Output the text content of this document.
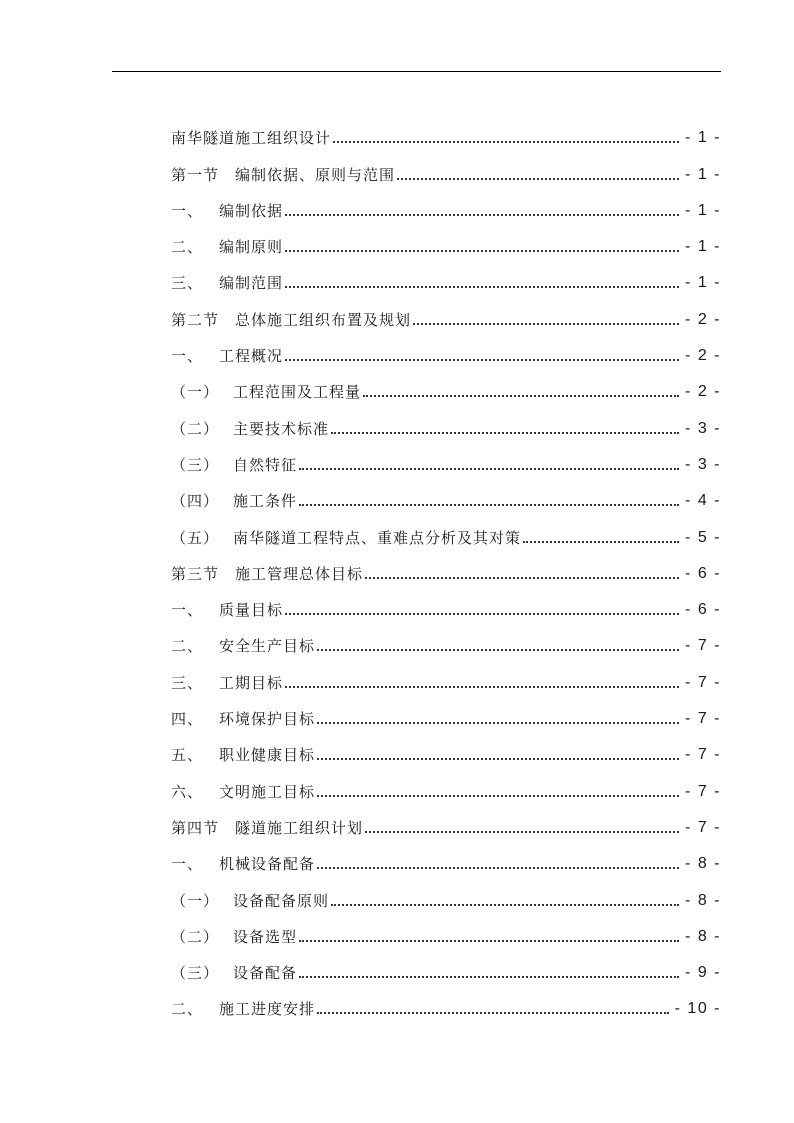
南华隧道施工组织设计	- 1 -
第一节 编制依据、原则与范围	- 1 -
一、 编制依据	- 1 -
二、 编制原则	- 1 -
三、 编制范围	- 1 -
第二节 总体施工组织布置及规划	- 2 -
一、 工程概况	- 2 -
（一） 工程范围及工程量	- 2 -
（二） 主要技术标准	- 3 -
（三） 自然特征	- 3 -
（四） 施工条件	- 4 -
（五） 南华隧道工程特点、重难点分析及其对策	- 5 -
第三节 施工管理总体目标	- 6 -
一、 质量目标	- 6 -
二、 安全生产目标	- 7 -
三、 工期目标	- 7 -
四、 环境保护目标	- 7 -
五、 职业健康目标	- 7 -
六、 文明施工目标	- 7 -
第四节 隧道施工组织计划	- 7 -
一、 机械设备配备	- 8 -
（一） 设备配备原则	- 8 -
（二） 设备选型	- 8 -
（三） 设备配备	- 9 -
二、 施工进度安排	- 10 -
